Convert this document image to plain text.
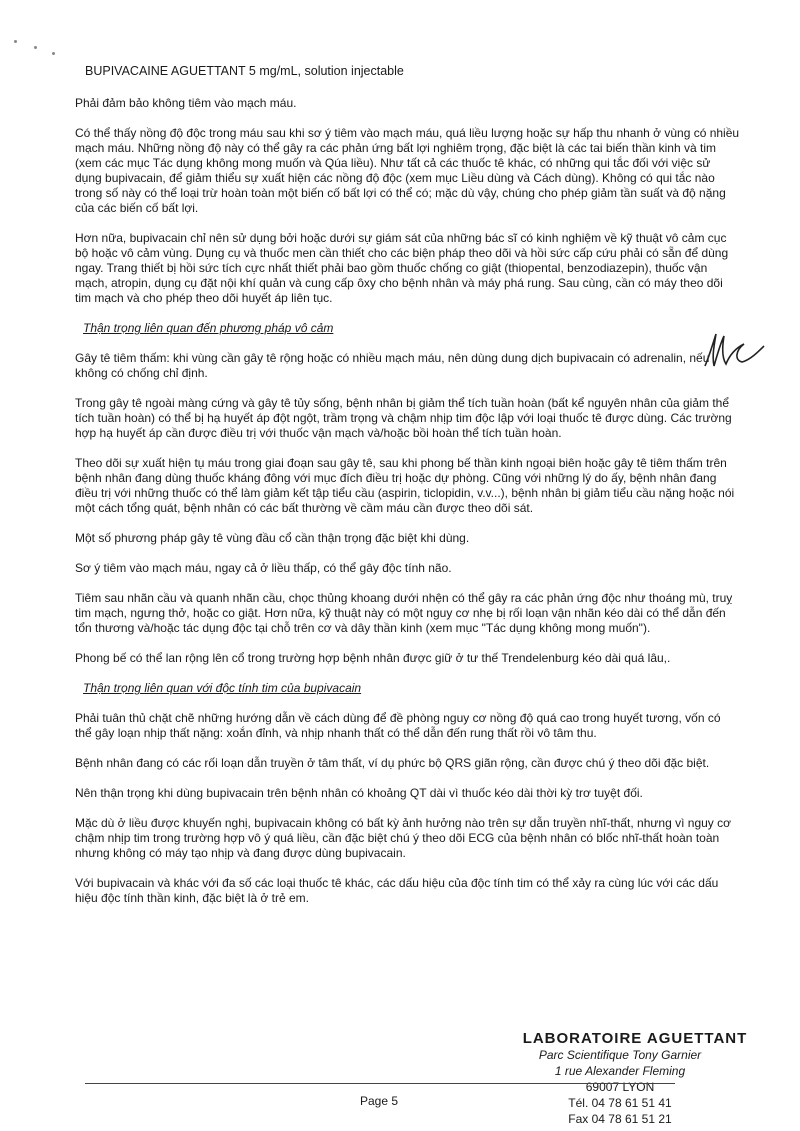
BUPIVACAINE AGUETTANT 5 mg/mL, solution injectable

Phải đảm bảo không tiêm vào mạch máu.

Có thể thấy nồng độ độc trong máu sau khi sơ ý tiêm vào mạch máu, quá liều lượng hoặc sự hấp thu nhanh ở vùng có nhiều mạch máu. Những nồng độ này có thể gây ra các phản ứng bất lợi nghiêm trọng, đặc biệt là các tai biến thần kinh và tim (xem các mục Tác dụng không mong muốn và Qúa liều). Như tất cả các thuốc tê khác, có những qui tắc đối với việc sử dụng bupivacain, để giảm thiểu sự xuất hiện các nồng độ độc (xem mục Liều dùng và Cách dùng). Không có qui tắc nào trong số này có thể loại trừ hoàn toàn một biến cố bất lợi có thể có; mặc dù vậy, chúng cho phép giảm tần suất và độ nặng của các biến cố bất lợi.

Hơn nữa, bupivacain chỉ nên sử dụng bởi hoặc dưới sự giám sát của những bác sĩ có kinh nghiệm về kỹ thuật vô cảm cục bộ hoặc vô cảm vùng. Dụng cụ và thuốc men cần thiết cho các biện pháp theo dõi và hồi sức cấp cứu phải có sẵn để dùng ngay. Trang thiết bị hồi sức tích cực nhất thiết phải bao gồm thuốc chống co giật (thiopental, benzodiazepin), thuốc vận mạch, atropin, dụng cụ đặt nội khí quản và cung cấp ôxy cho bệnh nhân và máy phá rung. Sau cùng, cần có máy theo dõi tim mạch và cho phép theo dõi huyết áp liên tục.

Thận trọng liên quan đến phương pháp vô cảm

Gây tê tiêm thấm: khi vùng cần gây tê rộng hoặc có nhiều mạch máu, nên dùng dung dịch bupivacain có adrenalin, nếu không có chống chỉ định.

Trong gây tê ngoài màng cứng và gây tê tủy sống, bệnh nhân bị giảm thể tích tuần hoàn (bất kể nguyên nhân của giảm thể tích tuần hoàn) có thể bị hạ huyết áp đột ngột, trầm trọng và chậm nhịp tim độc lập với loại thuốc tê được dùng. Các trường hợp hạ huyết áp cần được điều trị với thuốc vận mạch và/hoặc bồi hoàn thể tích tuần hoàn.

Theo dõi sự xuất hiện tụ máu trong giai đoạn sau gây tê, sau khi phong bế thần kinh ngoại biên hoặc gây tê tiêm thấm trên bệnh nhân đang dùng thuốc kháng đông với mục đích điều trị hoặc dự phòng. Cũng với những lý do ấy, bệnh nhân đang điều trị với những thuốc có thể làm giảm kết tập tiểu cầu (aspirin, ticlopidin, v.v...), bệnh nhân bị giảm tiểu cầu nặng hoặc nói một cách tổng quát, bệnh nhân có các bất thường về cầm máu cần được theo dõi sát.

Một số phương pháp gây tê vùng đầu cổ cần thận trọng đặc biệt khi dùng.

Sơ ý tiêm vào mạch máu, ngay cả ở liều thấp, có thể gây độc tính não.

Tiêm sau nhãn cầu và quanh nhãn cầu, chọc thủng khoang dưới nhện có thể gây ra các phản ứng độc như thoáng mù, truỵ tim mạch, ngưng thở, hoặc co giật. Hơn nữa, kỹ thuật này có một nguy cơ nhẹ bị rối loạn vận nhãn kéo dài có thể dẫn đến tổn thương và/hoặc tác dụng độc tại chỗ trên cơ và dây thần kinh (xem mục "Tác dụng không mong muốn").

Phong bế có thể lan rộng lên cổ trong trường hợp bệnh nhân được giữ ở tư thế Trendelenburg kéo dài quá lâu,.

Thận trọng liên quan với độc tính tim của bupivacain

Phải tuân thủ chặt chẽ những hướng dẫn về cách dùng để đề phòng nguy cơ nồng độ quá cao trong huyết tương, vốn có thể gây loạn nhịp thất nặng: xoắn đỉnh, và nhịp nhanh thất có thể dẫn đến rung thất rồi vô tâm thu.

Bệnh nhân đang có các rối loạn dẫn truyền ở tâm thất, ví dụ phức bộ QRS giãn rộng, cần được chú ý theo dõi đặc biệt.

Nên thận trọng khi dùng bupivacain trên bệnh nhân có khoảng QT dài vì thuốc kéo dài thời kỳ trơ tuyệt đối.

Mặc dù ở liều được khuyến nghị, bupivacain không có bất kỳ ảnh hưởng nào trên sự dẫn truyền nhĩ-thất, nhưng vì nguy cơ chậm nhịp tim trong trường hợp vô ý quá liều, cần đặc biệt chú ý theo dõi ECG của bệnh nhân có blốc nhĩ-thất hoàn toàn nhưng không có máy tạo nhịp và đang được dùng bupivacain.

Với bupivacain và khác với đa số các loại thuốc tê khác, các dấu hiệu của độc tính tim có thể xảy ra cùng lúc với các dấu hiệu độc tính thần kinh, đặc biệt là ở trẻ em.

LABORATOIRE AGUETTANT
Parc Scientifique Tony Garnier
1 rue Alexander Fleming
69007 LYON
Tél. 04 78 61 51 41
Fax 04 78 61 51 21
Page 5
